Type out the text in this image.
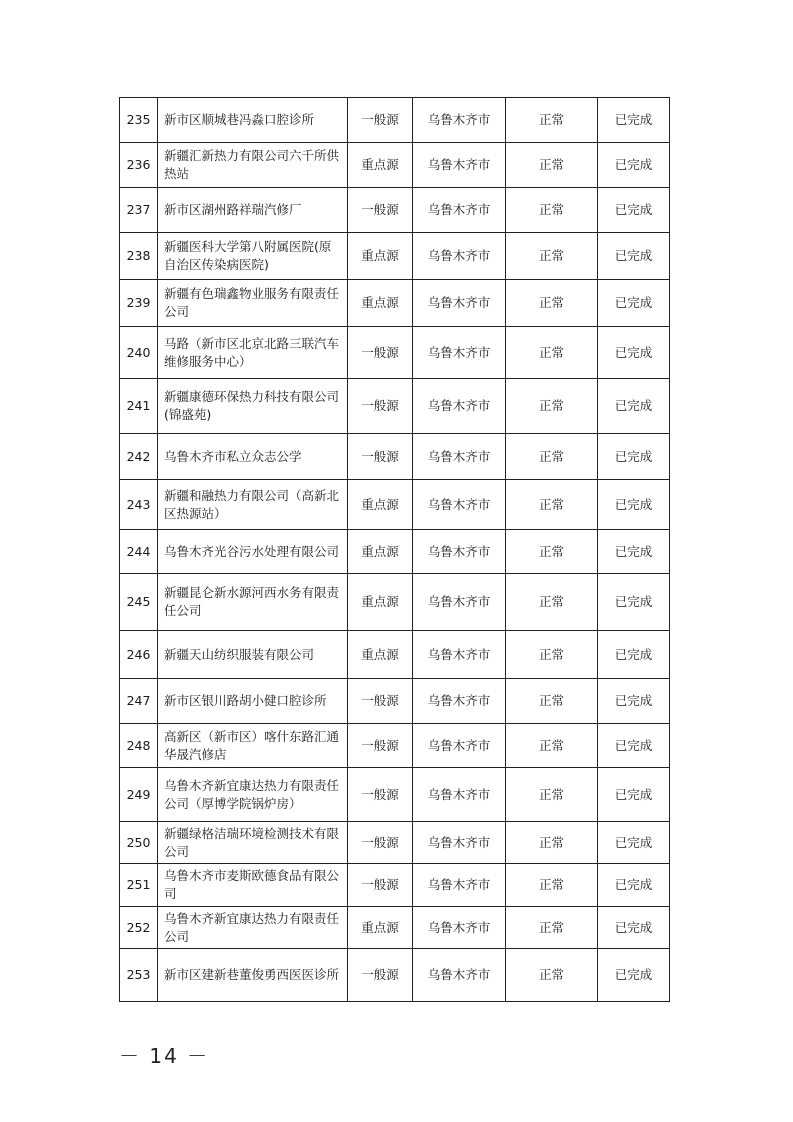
235	新市区顺城巷冯淼口腔诊所	一般源	乌鲁木齐市	正常	已完成
236	新疆汇新热力有限公司六千所供热站	重点源	乌鲁木齐市	正常	已完成
237	新市区湖州路祥瑞汽修厂	一般源	乌鲁木齐市	正常	已完成
238	新疆医科大学第八附属医院(原自治区传染病医院)	重点源	乌鲁木齐市	正常	已完成
239	新疆有色瑞鑫物业服务有限责任公司	重点源	乌鲁木齐市	正常	已完成
240	马路（新市区北京北路三联汽车维修服务中心）	一般源	乌鲁木齐市	正常	已完成
241	新疆康德环保热力科技有限公司(锦盛苑)	一般源	乌鲁木齐市	正常	已完成
242	乌鲁木齐市私立众志公学	一般源	乌鲁木齐市	正常	已完成
243	新疆和融热力有限公司（高新北区热源站）	重点源	乌鲁木齐市	正常	已完成
244	乌鲁木齐光谷污水处理有限公司	重点源	乌鲁木齐市	正常	已完成
245	新疆昆仑新水源河西水务有限责任公司	重点源	乌鲁木齐市	正常	已完成
246	新疆天山纺织服装有限公司	重点源	乌鲁木齐市	正常	已完成
247	新市区银川路胡小健口腔诊所	一般源	乌鲁木齐市	正常	已完成
248	高新区（新市区）喀什东路汇通华晟汽修店	一般源	乌鲁木齐市	正常	已完成
249	乌鲁木齐新宜康达热力有限责任公司（厚博学院锅炉房）	一般源	乌鲁木齐市	正常	已完成
250	新疆绿格洁瑞环境检测技术有限公司	一般源	乌鲁木齐市	正常	已完成
251	乌鲁木齐市麦斯欧德食品有限公司	一般源	乌鲁木齐市	正常	已完成
252	乌鲁木齐新宜康达热力有限责任公司	重点源	乌鲁木齐市	正常	已完成
253	新市区建新巷董俊勇西医医诊所	一般源	乌鲁木齐市	正常	已完成
－ 14 －
